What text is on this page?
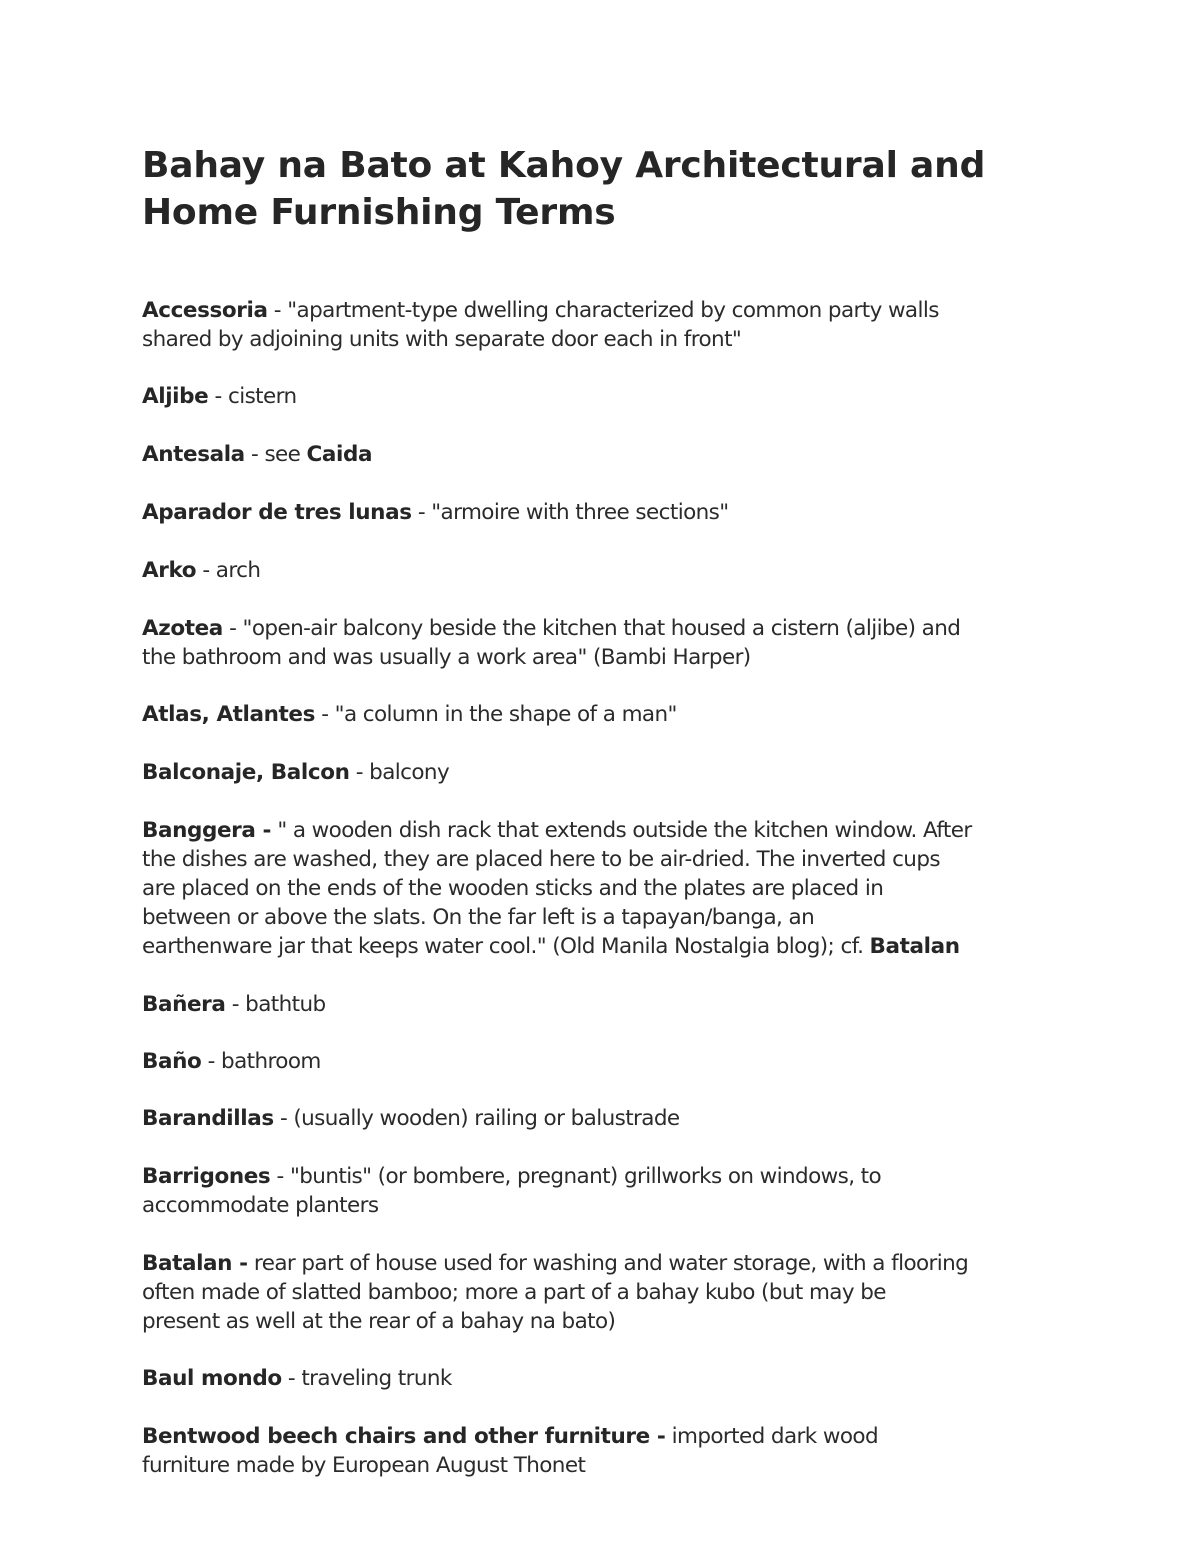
Bahay na Bato at Kahoy Architectural and
Home Furnishing Terms

Accessoria - "apartment-type dwelling characterized by common party walls
shared by adjoining units with separate door each in front"

Aljibe - cistern

Antesala - see Caida

Aparador de tres lunas - "armoire with three sections"

Arko - arch

Azotea - "open-air balcony beside the kitchen that housed a cistern (aljibe) and
the bathroom and was usually a work area" (Bambi Harper)

Atlas, Atlantes - "a column in the shape of a man"

Balconaje, Balcon - balcony

Banggera - " a wooden dish rack that extends outside the kitchen window. After
the dishes are washed, they are placed here to be air-dried. The inverted cups
are placed on the ends of the wooden sticks and the plates are placed in
between or above the slats. On the far left is a tapayan/banga, an
earthenware jar that keeps water cool." (Old Manila Nostalgia blog); cf. Batalan

Bañera - bathtub

Baño - bathroom

Barandillas - (usually wooden) railing or balustrade

Barrigones - "buntis" (or bombere, pregnant) grillworks on windows, to
accommodate planters

Batalan - rear part of house used for washing and water storage, with a flooring
often made of slatted bamboo; more a part of a bahay kubo (but may be
present as well at the rear of a bahay na bato)

Baul mondo - traveling trunk

Bentwood beech chairs and other furniture - imported dark wood
furniture made by European August Thonet
